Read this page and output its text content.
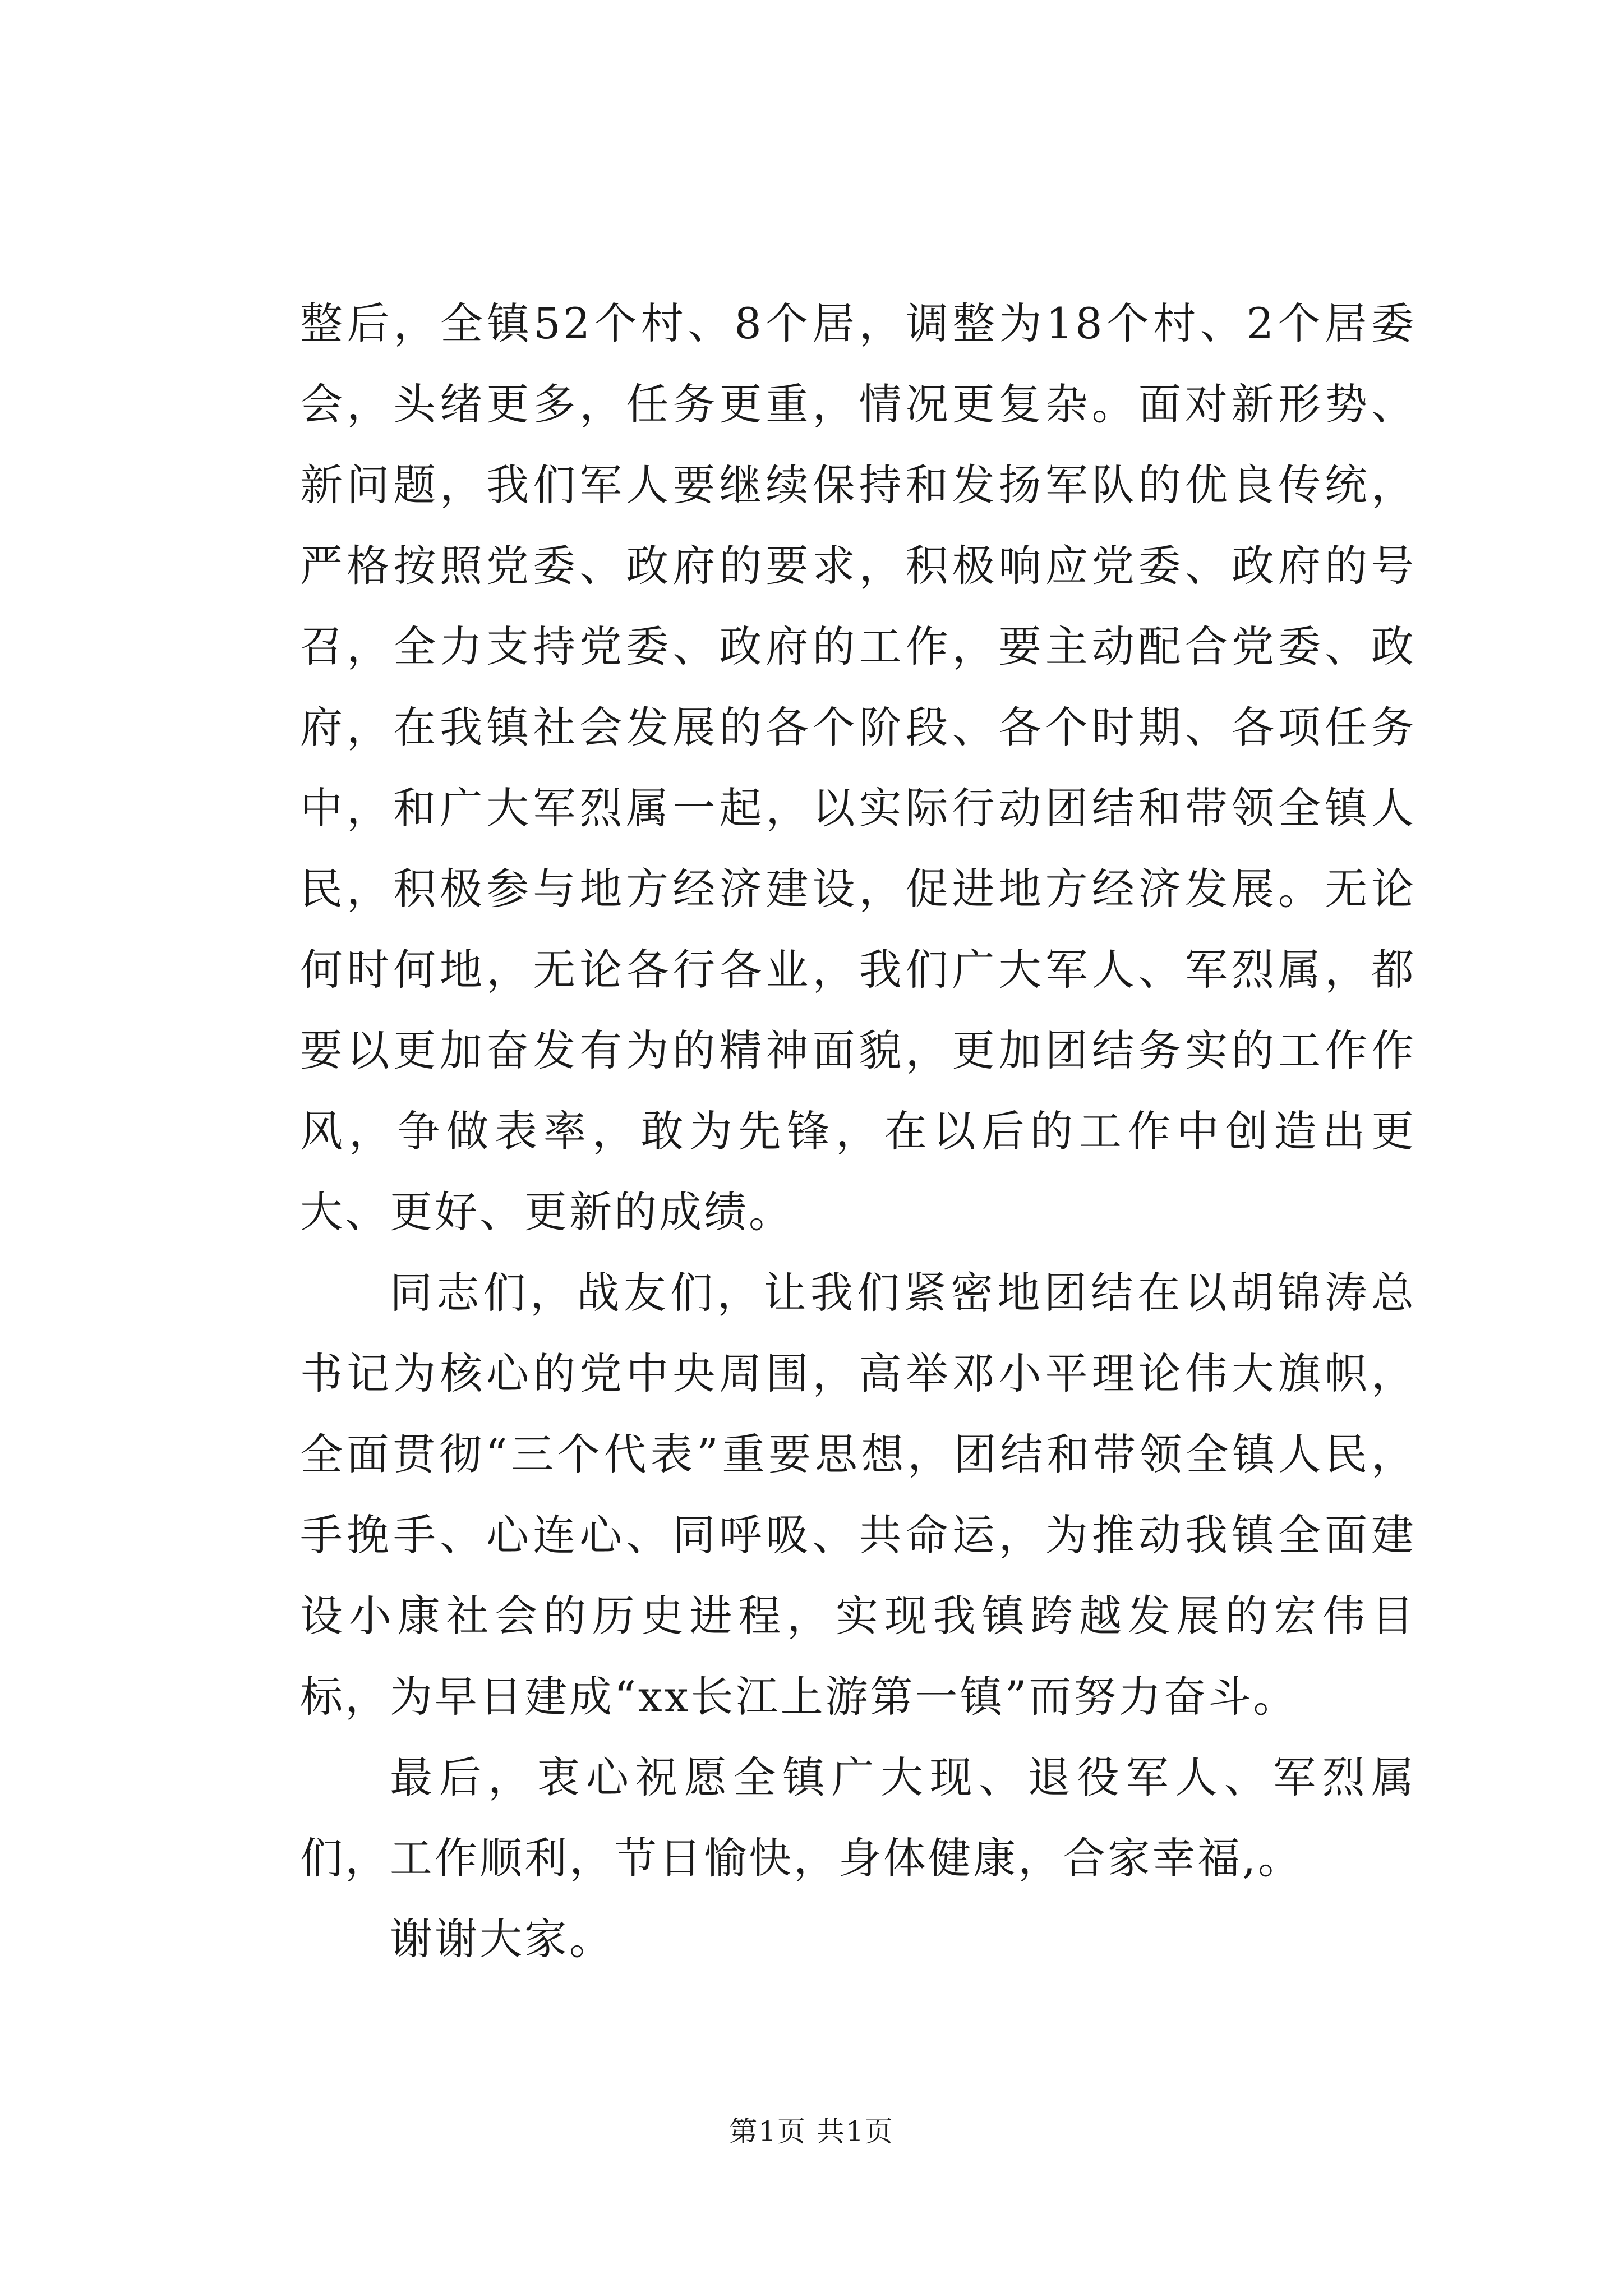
整后，全镇52个村、8个居，调整为18个村、2个居委会，头绪更多，任务更重，情况更复杂。面对新形势、新问题，我们军人要继续保持和发扬军队的优良传统，严格按照党委、政府的要求，积极响应党委、政府的号召，全力支持党委、政府的工作，要主动配合党委、政府，在我镇社会发展的各个阶段、各个时期、各项任务中，和广大军烈属一起，以实际行动团结和带领全镇人民，积极参与地方经济建设，促进地方经济发展。无论何时何地，无论各行各业，我们广大军人、军烈属，都要以更加奋发有为的精神面貌，更加团结务实的工作作风，争做表率，敢为先锋，在以后的工作中创造出更大、更好、更新的成绩。

同志们，战友们，让我们紧密地团结在以胡锦涛总书记为核心的党中央周围，高举邓小平理论伟大旗帜，全面贯彻“三个代表”重要思想，团结和带领全镇人民，手挽手、心连心、同呼吸、共命运，为推动我镇全面建设小康社会的历史进程，实现我镇跨越发展的宏伟目标，为早日建成“xx长江上游第一镇”而努力奋斗。

最后，衷心祝愿全镇广大现、退役军人、军烈属们，工作顺利，节日愉快，身体健康，合家幸福,。

谢谢大家。

第1页 共1页
